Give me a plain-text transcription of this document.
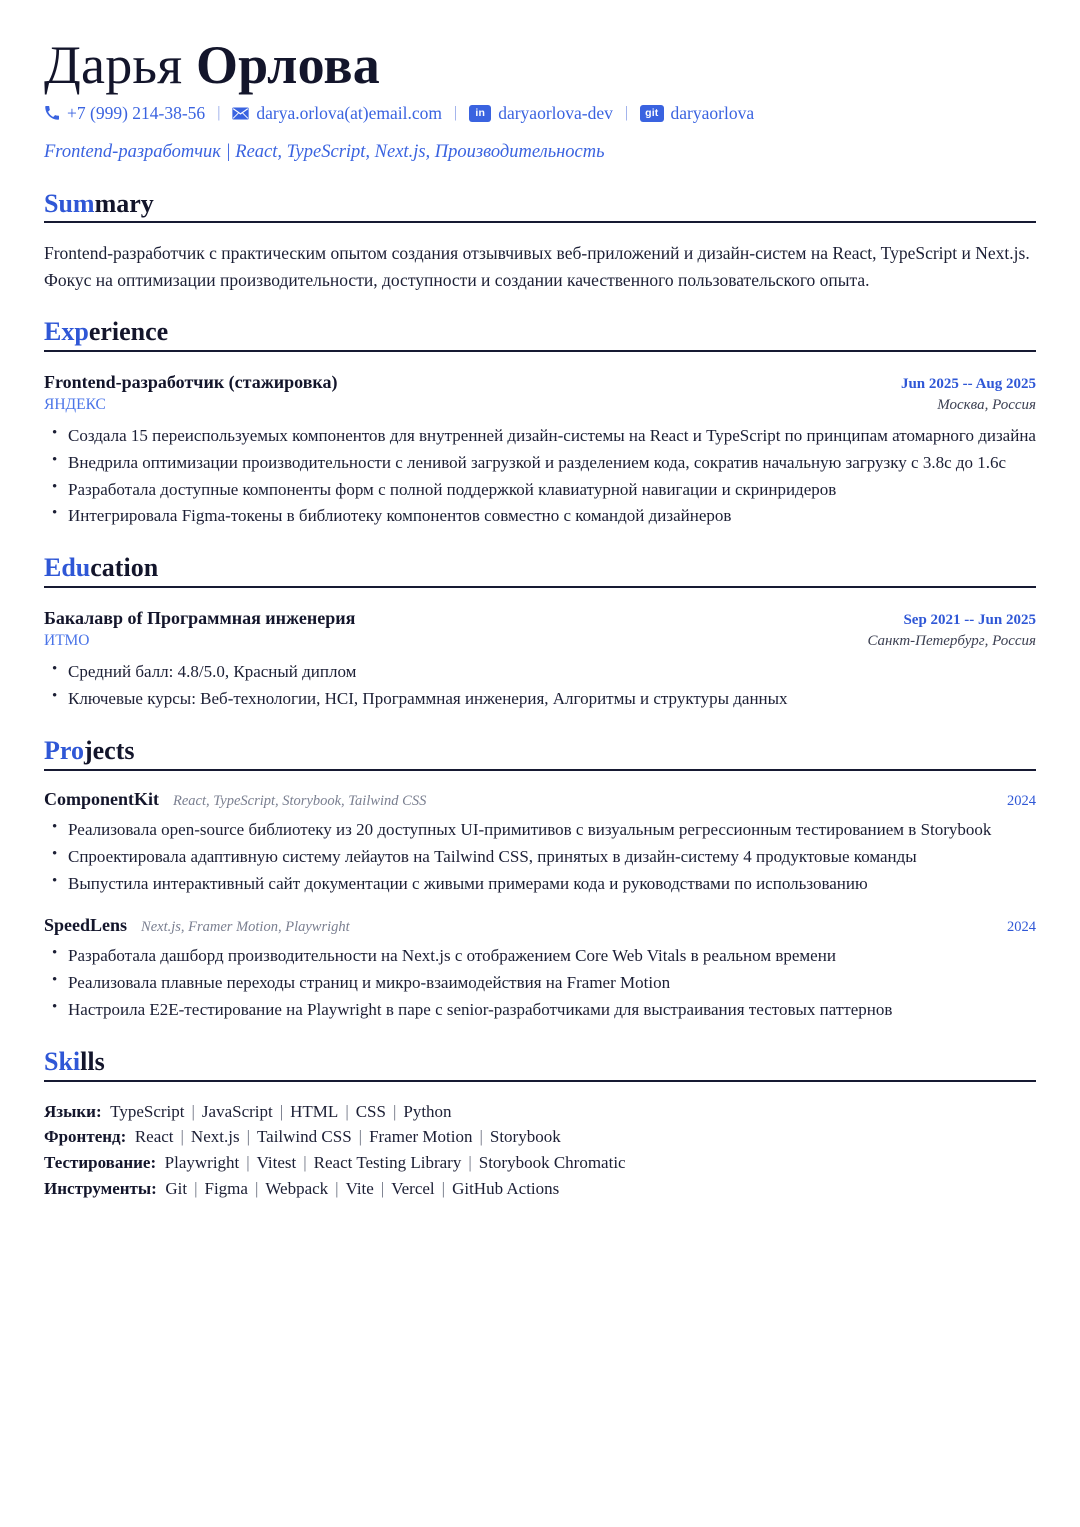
Дарья Орлова
+7 (999) 214-38-56 |	darya.orlova(at)email.com |	in daryaorlova-dev |	git daryaorlova
Frontend-разработчик | React, TypeScript, Next.js, Производительность
Summary

Frontend-разработчик с практическим опытом создания отзывчивых веб-приложений и дизайн-систем на React, TypeScript и Next.js. Фокус на оптимизации производительности, доступности и создании качественного пользовательского опыта.

Experience
Frontend-разработчик (стажировка)	Jun 2025 -- Aug 2025
ЯНДЕКС	Москва, Россия
• Создала 15 переиспользуемых компонентов для внутренней дизайн-системы на React и TypeScript по принципам атомарного дизайна
• Внедрила оптимизации производительности с ленивой загрузкой и разделением кода, сократив начальную загрузку с 3.8с до 1.6с
• Разработала доступные компоненты форм с полной поддержкой клавиатурной навигации и скринридеров
• Интегрировала Figma-токены в библиотеку компонентов совместно с командой дизайнеров
Education
Бакалавр of Программная инженерия	Sep 2021 -- Jun 2025
ИТМО	Санкт-Петербург, Россия
• Средний балл: 4.8/5.0, Красный диплом
• Ключевые курсы: Веб-технологии, HCI, Программная инженерия, Алгоритмы и структуры данных
Projects
ComponentKit React, TypeScript, Storybook, Tailwind CSS	2024
• Реализовала open-source библиотеку из 20 доступных UI-примитивов с визуальным регрессионным тестированием в Storybook
• Спроектировала адаптивную систему лейаутов на Tailwind CSS, принятых в дизайн-систему 4 продуктовые команды
• Выпустила интерактивный сайт документации с живыми примерами кода и руководствами по использованию
SpeedLens Next.js, Framer Motion, Playwright	2024
• Разработала дашборд производительности на Next.js с отображением Core Web Vitals в реальном времени
• Реализовала плавные переходы страниц и микро-взаимодействия на Framer Motion
• Настроила E2E-тестирование на Playwright в паре с senior-разработчиками для выстраивания тестовых паттернов
Skills
Языки: TypeScript | JavaScript | HTML | CSS | Python
Фронтенд: React | Next.js | Tailwind CSS | Framer Motion | Storybook
Тестирование: Playwright | Vitest | React Testing Library | Storybook Chromatic
Инструменты: Git | Figma | Webpack | Vite | Vercel | GitHub Actions
